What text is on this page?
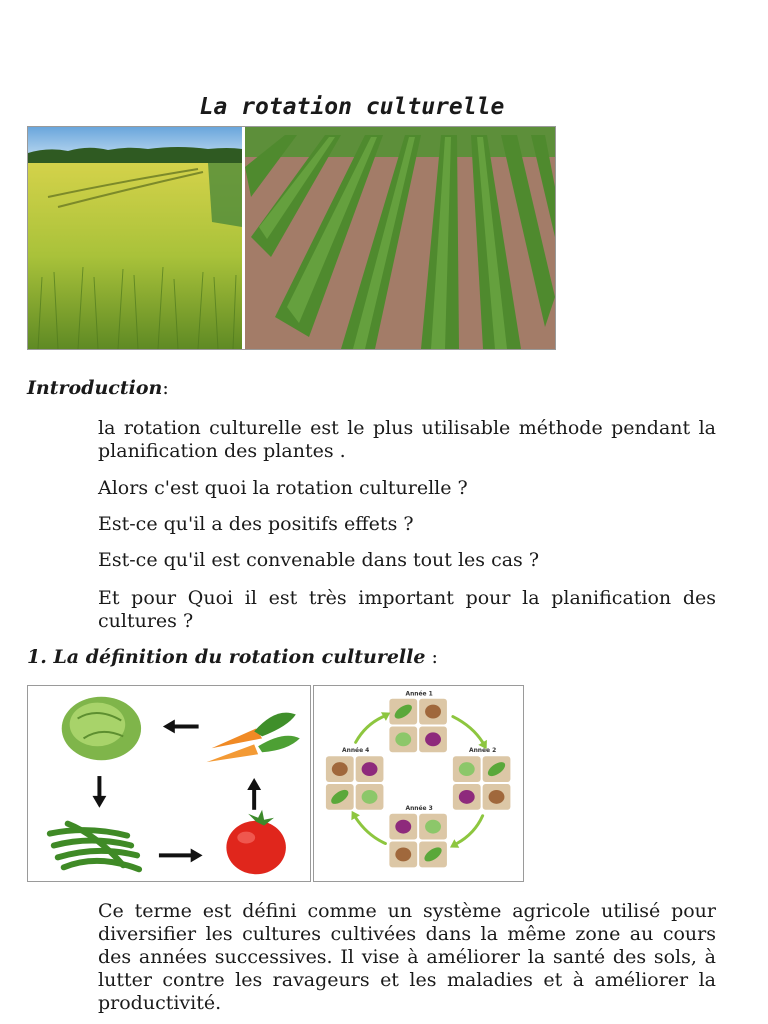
La rotation culturelle

Introduction:

la rotation culturelle est le plus utilisable méthode pendant la planification des plantes .

Alors c'est quoi la rotation culturelle ?

Est-ce qu'il a des positifs effets ?

Est-ce qu'il est convenable dans tout les cas ?

Et pour Quoi il est très important pour la planification des cultures ?

1. La définition du rotation culturelle :

Année 1
Année 2
Année 3
Année 4

Ce terme est défini comme un système agricole utilisé pour diversifier les cultures cultivées dans la même zone au cours des années successives. Il vise à améliorer la santé des sols, à lutter contre les ravageurs et les maladies et à améliorer la productivité.
